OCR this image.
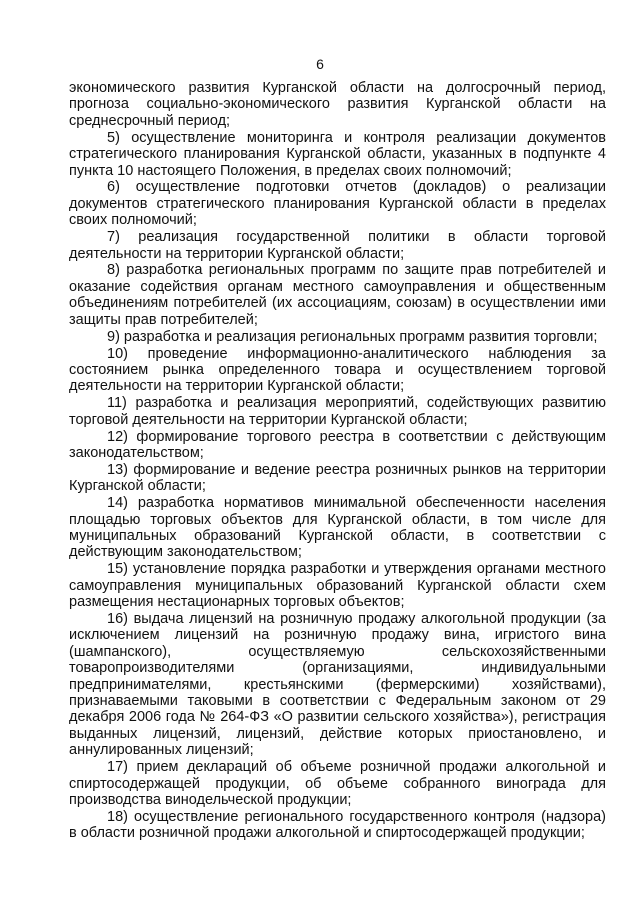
6

экономического развития Курганской области на долгосрочный период, прогноза социально-экономического развития Курганской области на среднесрочный период;

5) осуществление мониторинга и контроля реализации документов стратегического планирования Курганской области, указанных в подпункте 4 пункта 10 настоящего Положения, в пределах своих полномочий;

6) осуществление подготовки отчетов (докладов) о реализации документов стратегического планирования Курганской области в пределах своих полномочий;

7) реализация государственной политики в области торговой деятельности на территории Курганской области;

8) разработка региональных программ по защите прав потребителей и оказание содействия органам местного самоуправления и общественным объединениям потребителей (их ассоциациям, союзам) в осуществлении ими защиты прав потребителей;

9) разработка и реализация региональных программ развития торговли;

10) проведение информационно-аналитического наблюдения за состоянием рынка определенного товара и осуществлением торговой деятельности на территории Курганской области;

11) разработка и реализация мероприятий, содействующих развитию торговой деятельности на территории Курганской области;

12) формирование торгового реестра в соответствии с действующим законодательством;

13) формирование и ведение реестра розничных рынков на территории Курганской области;

14) разработка нормативов минимальной обеспеченности населения площадью торговых объектов для Курганской области, в том числе для муниципальных образований Курганской области, в соответствии с действующим законодательством;

15) установление порядка разработки и утверждения органами местного самоуправления муниципальных образований Курганской области схем размещения нестационарных торговых объектов;

16) выдача лицензий на розничную продажу алкогольной продукции (за исключением лицензий на розничную продажу вина, игристого вина (шампанского), осуществляемую сельскохозяйственными товаропроизводителями (организациями, индивидуальными предпринимателями, крестьянскими (фермерскими) хозяйствами), признаваемыми таковыми в соответствии с Федеральным законом от 29 декабря 2006 года № 264-ФЗ «О развитии сельского хозяйства»), регистрация выданных лицензий, лицензий, действие которых приостановлено, и аннулированных лицензий;

17) прием деклараций об объеме розничной продажи алкогольной и спиртосодержащей продукции, об объеме собранного винограда для производства винодельческой продукции;

18) осуществление регионального государственного контроля (надзора) в области розничной продажи алкогольной и спиртосодержащей продукции;
